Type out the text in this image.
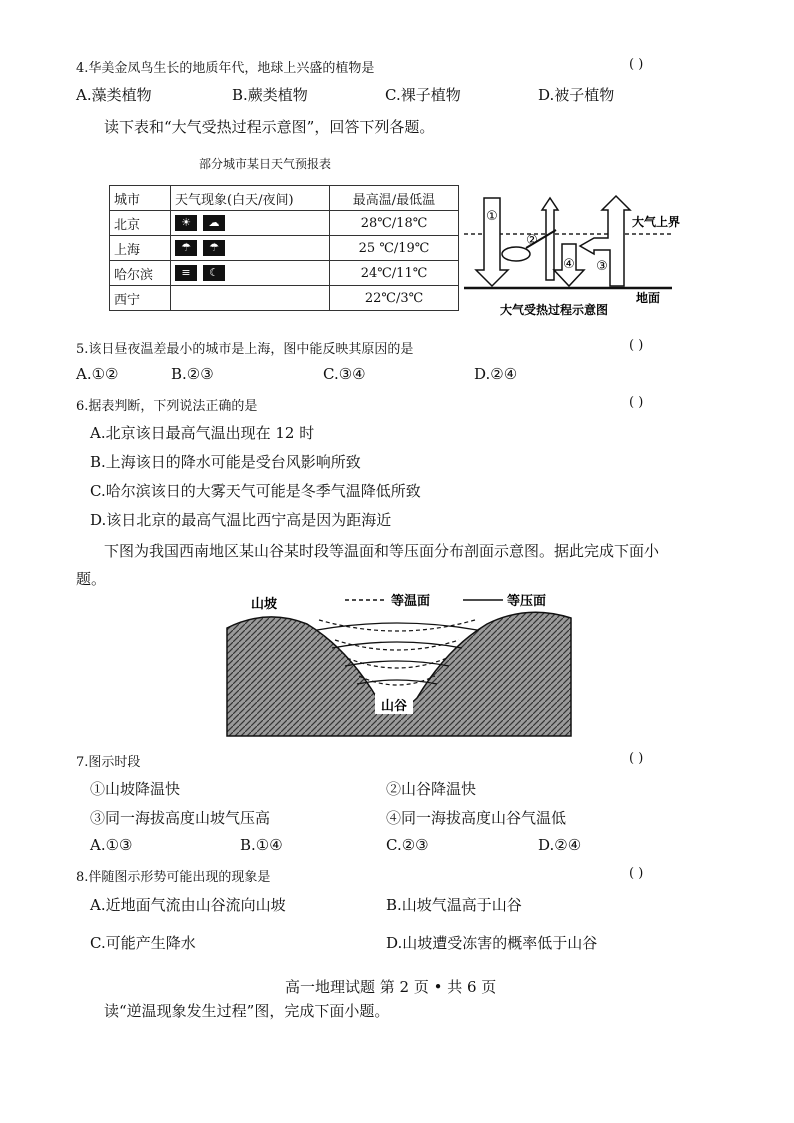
4.华美金凤鸟生长的地质年代，地球上兴盛的植物是	( )
A.藻类植物	B.蕨类植物	C.裸子植物	D.被子植物
读下表和“大气受热过程示意图”，回答下列各题。
部分城市某日天气预报表
城市	天气现象(白天/夜间)	最高温/最低温
北京	☀ ☁	28℃/18℃
上海	☂ ☂	25 ℃/19℃
哈尔滨	≡ ☾	24℃/11℃
西宁		22℃/3℃
①
②
④ ③
大气上界
地面
大气受热过程示意图
5.该日昼夜温差最小的城市是上海，图中能反映其原因的是	( )
A.①②	B.②③	C.③④	D.②④
6.据表判断，下列说法正确的是	( )
A.北京该日最高气温出现在 12 时
B.上海该日的降水可能是受台风影响所致
C.哈尔滨该日的大雾天气可能是冬季气温降低所致
D.该日北京的最高气温比西宁高是因为距海近
下图为我国西南地区某山谷某时段等温面和等压面分布剖面示意图。据此完成下面小
题。
山谷
山坡	等温面	等压面
7.图示时段	( )
①山坡降温快	②山谷降温快
③同一海拔高度山坡气压高	④同一海拔高度山谷气温低
A.①③	B.①④	C.②③	D.②④
8.伴随图示形势可能出现的现象是	( )
A.近地面气流由山谷流向山坡	B.山坡气温高于山谷
C.可能产生降水	D.山坡遭受冻害的概率低于山谷
高一地理试题 第 2 页 • 共 6 页
读“逆温现象发生过程”图，完成下面小题。
